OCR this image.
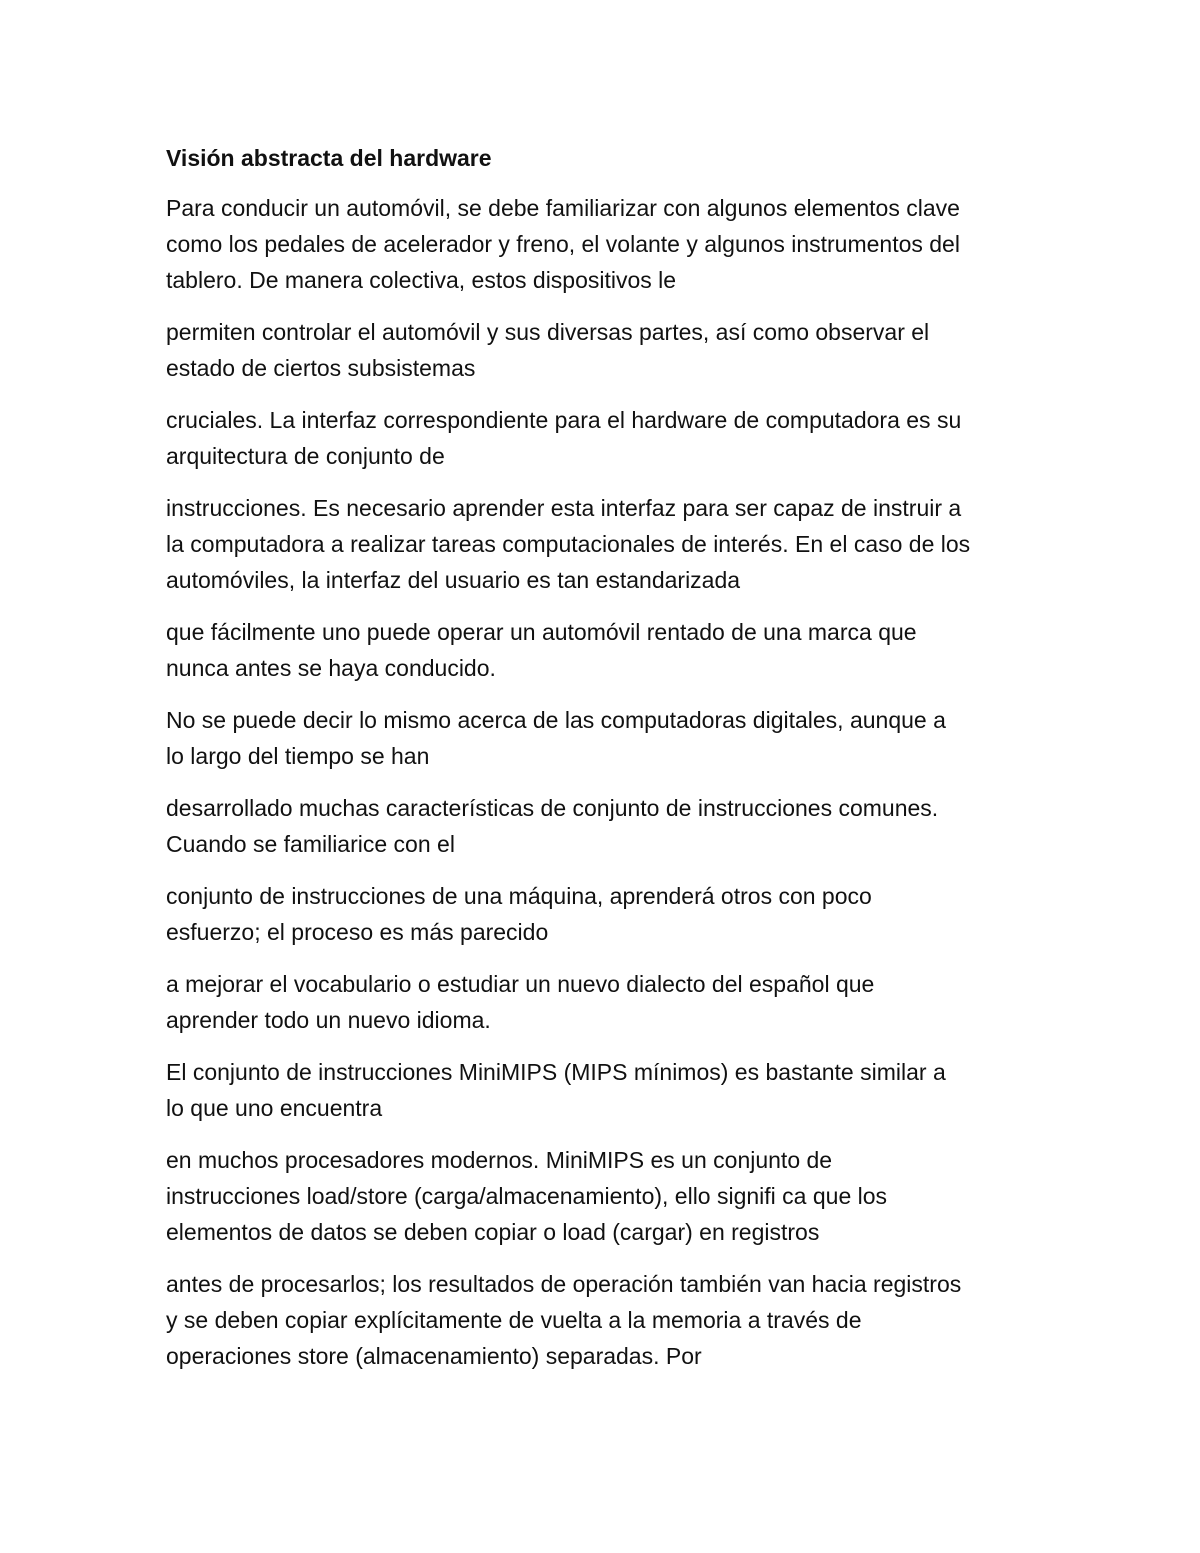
Visión abstracta del hardware

Para conducir un automóvil, se debe familiarizar con algunos elementos clave
como los pedales de acelerador y freno, el volante y algunos instrumentos del
tablero. De manera colectiva, estos dispositivos le

permiten controlar el automóvil y sus diversas partes, así como observar el
estado de ciertos subsistemas

cruciales. La interfaz correspondiente para el hardware de computadora es su
arquitectura de conjunto de

instrucciones. Es necesario aprender esta interfaz para ser capaz de instruir a
la computadora a realizar tareas computacionales de interés. En el caso de los
automóviles, la interfaz del usuario es tan estandarizada

que fácilmente uno puede operar un automóvil rentado de una marca que
nunca antes se haya conducido.

No se puede decir lo mismo acerca de las computadoras digitales, aunque a
lo largo del tiempo se han

desarrollado muchas características de conjunto de instrucciones comunes.
Cuando se familiarice con el

conjunto de instrucciones de una máquina, aprenderá otros con poco
esfuerzo; el proceso es más parecido

a mejorar el vocabulario o estudiar un nuevo dialecto del español que
aprender todo un nuevo idioma.

El conjunto de instrucciones MiniMIPS (MIPS mínimos) es bastante similar a
lo que uno encuentra

en muchos procesadores modernos. MiniMIPS es un conjunto de
instrucciones load/store (carga/almacenamiento), ello signifi ca que los
elementos de datos se deben copiar o load (cargar) en registros

antes de procesarlos; los resultados de operación también van hacia registros
y se deben copiar explícitamente de vuelta a la memoria a través de
operaciones store (almacenamiento) separadas. Por
